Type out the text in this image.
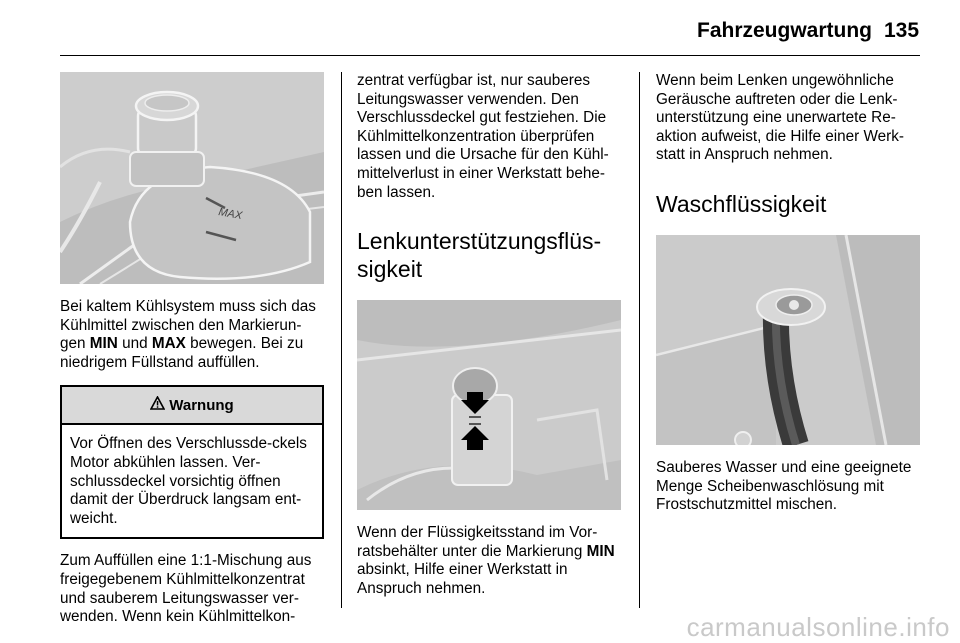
Fahrzeugwartung 135
MAX

Bei kaltem Kühlsystem muss sich das Kühlmittel zwischen den Markierun-gen MIN und MAX bewegen. Bei zu niedrigem Füllstand auffüllen.

Warnung

Vor Öffnen des Verschlussde-ckels Motor abkühlen lassen. Ver-schlussdeckel vorsichtig öffnen damit der Überdruck langsam ent-weicht.

Zum Auffüllen eine 1:1-Mischung aus freigegebenem Kühlmittelkonzentrat und sauberem Leitungswasser ver-wenden. Wenn kein Kühlmittelkon-

zentrat verfügbar ist, nur sauberes Leitungswasser verwenden. Den Verschlussdeckel gut festziehen. Die Kühlmittelkonzentration überprüfen lassen und die Ursache für den Kühl-mittelverlust in einer Werkstatt behe-ben lassen.

Lenkunterstützungsflüs-sigkeit

Wenn der Flüssigkeitsstand im Vor-ratsbehälter unter die Markierung MIN absinkt, Hilfe einer Werkstatt in Anspruch nehmen.

Wenn beim Lenken ungewöhnliche Geräusche auftreten oder die Lenk-unterstützung eine unerwartete Re-aktion aufweist, die Hilfe einer Werk-statt in Anspruch nehmen.

Waschflüssigkeit

Sauberes Wasser und eine geeignete Menge Scheibenwaschlösung mit Frostschutzmittel mischen.

carmanualsonline.info
